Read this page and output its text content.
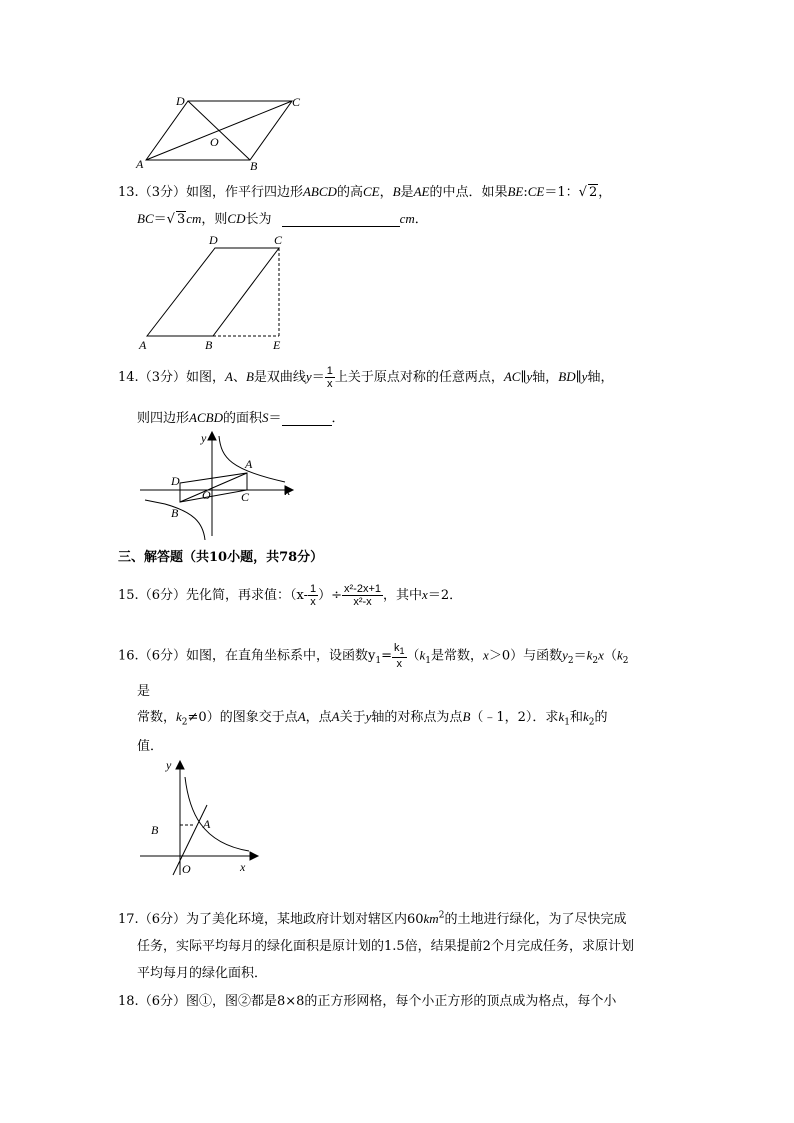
D	C
O
A	B
13.（3分）如图，作平行四边形ABCD的高CE，B是AE的中点．如果BE:CE＝1：√ 2，
BC＝√ 3cm，则CD长为	cm．
D	C
A	B	E
14.（3分）如图，A、B是双曲线$y= \frac{1}{x}$ 上关于原点对称的任意两点，AC∥y轴，BD∥y轴，
则四边形ACBD的面积S＝	．
y
A
D
O	C	x
B
三、解答题（共10小题，共78分）
15.（6分）先化简，再求值：（$x- \frac{1}{x}$ ）÷ $\frac{\text{x²-2x+1}}{\text{x²-x}}$ ，其中x＝2．
16.（6分）如图，在直角坐标系中，设函数$y_1= \frac{k_1}{x} (k_1$是常数，x＞0）与函数$y_2=k_2x(k_2$
是
常数，$k_2\ne 0$）的图象交于点A，点A关于y轴的对称点为点B（﹣1，2）．求$k_1$和$k_2$的
值．
y
B	A
O	x
17.（6分）为了美化环境，某地政府计划对辖区内$60km^2$的土地进行绿化，为了尽快完成
任务，实际平均每月的绿化面积是原计划的1.5倍，结果提前2个月完成任务，求原计划
平均每月的绿化面积．
18.（6分）图①，图②都是8×8的正方形网格，每个小正方形的顶点成为格点，每个小
